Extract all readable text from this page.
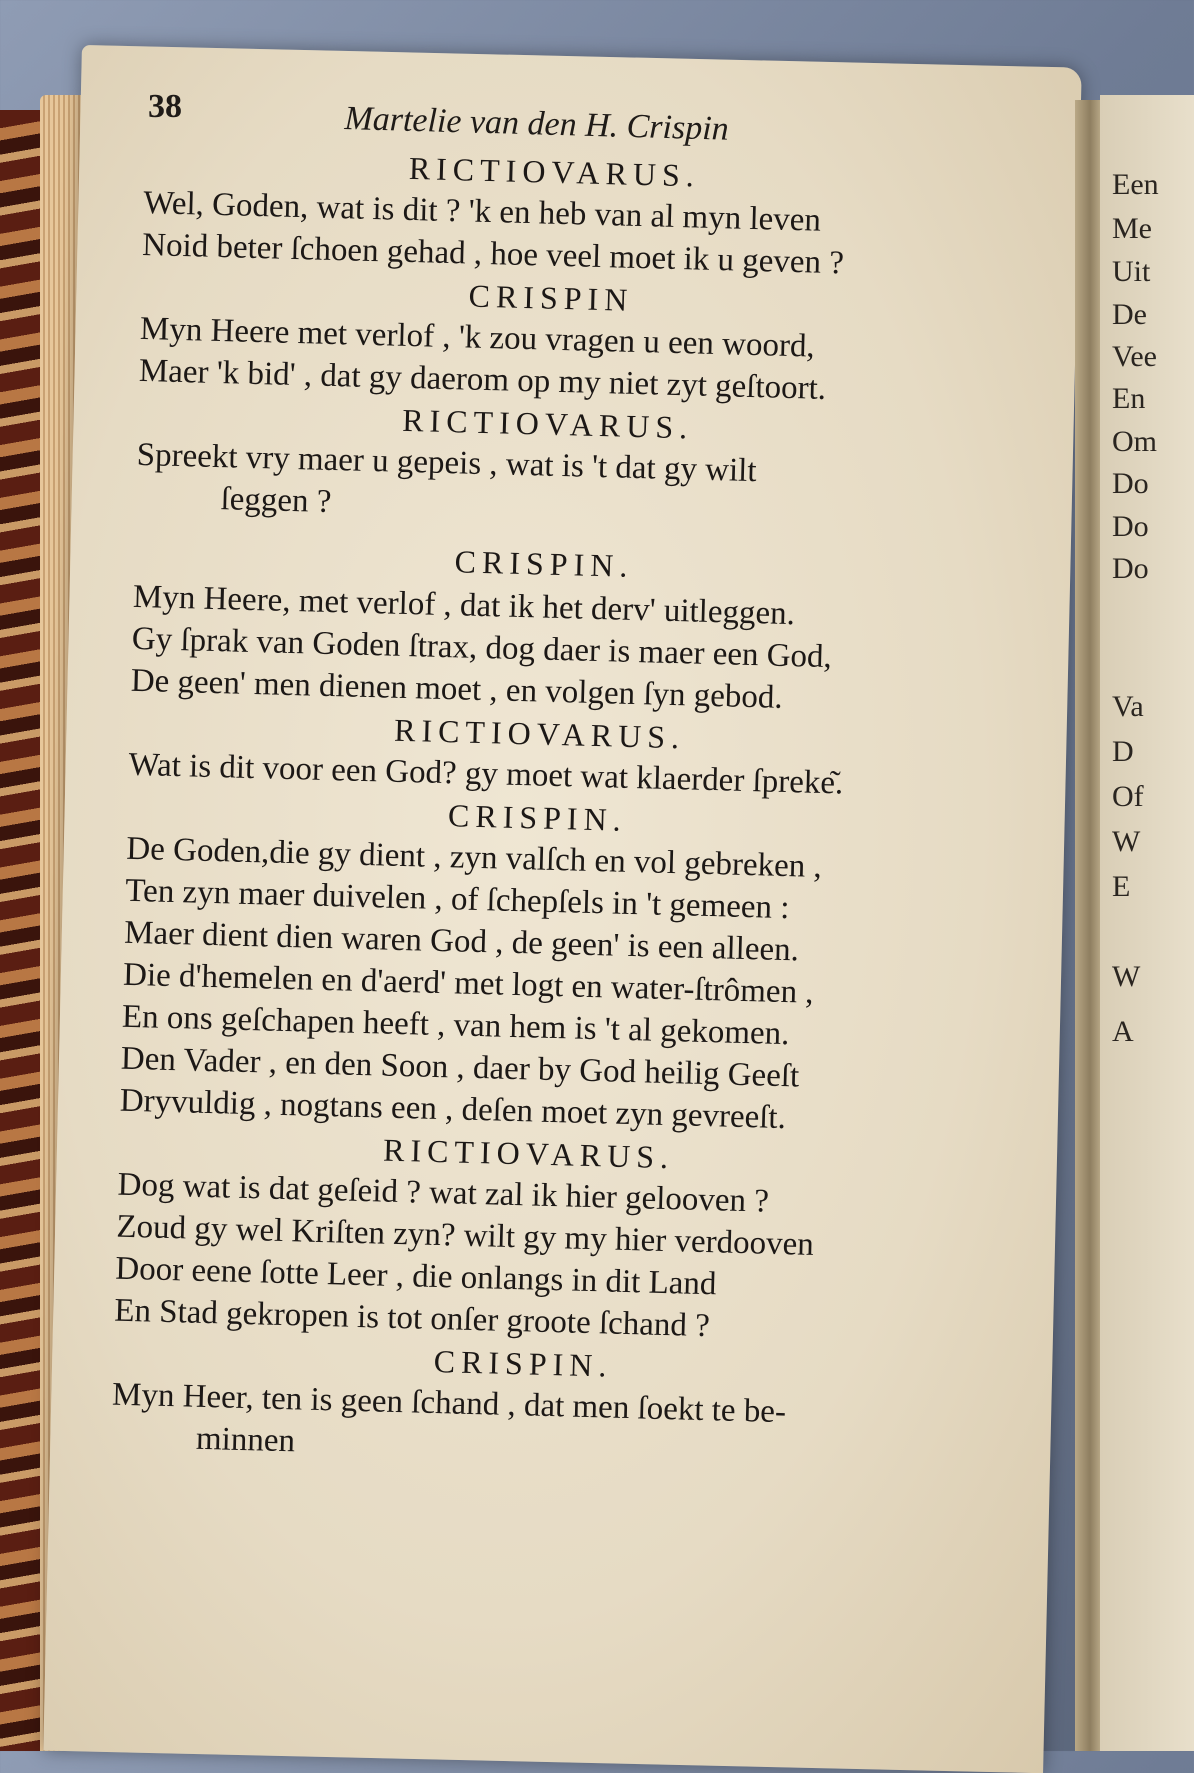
Een
Me
Uit
De
Vee
En
Om
Do
Do
Do
Va
D
Of
W
E
W
A
38	Martelie van den H. Crispin
RICTIOVARUS.
Wel, Goden, wat is dit ? 'k en heb van al myn leven
Noid beter ſchoen gehad , hoe veel moet ik u geven ?
CRISPIN
Myn Heere met verlof , 'k zou vragen u een woord,
Maer 'k bid' , dat gy daerom op my niet zyt geſtoort.
RICTIOVARUS.
Spreekt vry maer u gepeis , wat is 't dat gy wilt
ſeggen ?
CRISPIN.
Myn Heere, met verlof , dat ik het derv' uitleggen.
Gy ſprak van Goden ſtrax, dog daer is maer een God,
De geen' men dienen moet , en volgen ſyn gebod.
RICTIOVARUS.
Wat is dit voor een God? gy moet wat klaerder ſpreke͂.
CRISPIN.
De Goden,die gy dient , zyn valſch en vol gebreken ,
Ten zyn maer duivelen , of ſchepſels in 't gemeen :
Maer dient dien waren God , de geen' is een alleen.
Die d'hemelen en d'aerd' met logt en water-ſtrômen ,
En ons geſchapen heeft , van hem is 't al gekomen.
Den Vader , en den Soon , daer by God heilig Geeſt
Dryvuldig , nogtans een , deſen moet zyn gevreeſt.
RICTIOVARUS.
Dog wat is dat geſeid ? wat zal ik hier gelooven ?
Zoud gy wel Kriſten zyn? wilt gy my hier verdooven
Door eene ſotte Leer , die onlangs in dit Land
En Stad gekropen is tot onſer groote ſchand ?
CRISPIN.
Myn Heer, ten is geen ſchand , dat men ſoekt te be-
minnen
